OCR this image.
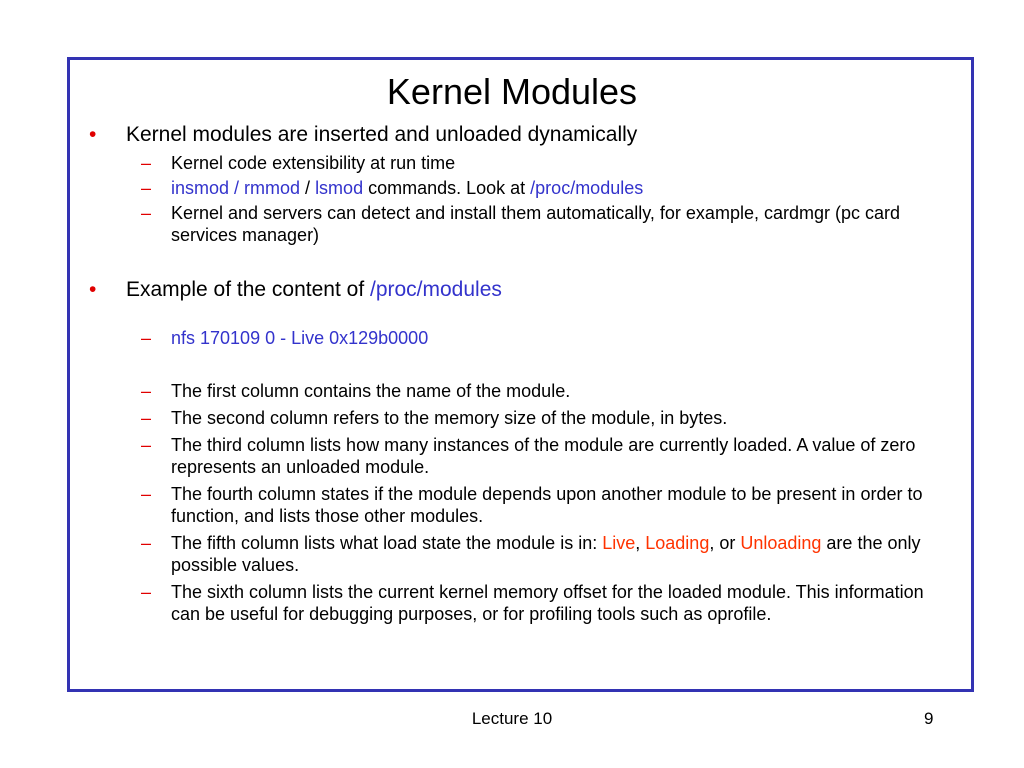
Kernel Modules
• Kernel modules are inserted and unloaded dynamically
– Kernel code extensibility at run time
– insmod / rmmod / lsmod commands. Look at /proc/modules
– Kernel and servers can detect and install them automatically, for example, cardmgr (pc card services manager)
• Example of the content of /proc/modules
– nfs 170109 0 - Live 0x129b0000
– The first column contains the name of the module.
– The second column refers to the memory size of the module, in bytes.
– The third column lists how many instances of the module are currently loaded. A value of zero represents an unloaded module.
– The fourth column states if the module depends upon another module to be present in order to function, and lists those other modules.
– The fifth column lists what load state the module is in: Live, Loading, or Unloading are the only possible values.
– The sixth column lists the current kernel memory offset for the loaded module. This information can be useful for debugging purposes, or for profiling tools such as oprofile.
Lecture 10	9
